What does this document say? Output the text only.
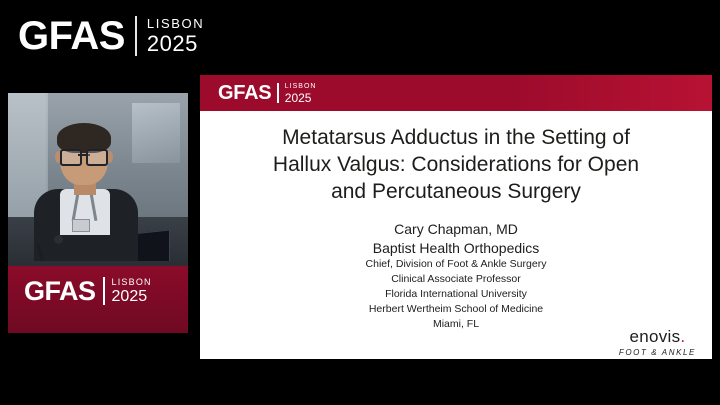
GFAS LISBON
2025
GFAS LISBON
2025
GFAS LISBON
2025
Metatarsus Adductus in the Setting of
Hallux Valgus: Considerations for Open
and Percutaneous Surgery
Cary Chapman, MD
Baptist Health Orthopedics
Chief, Division of Foot & Ankle Surgery
Clinical Associate Professor
Florida International University
Herbert Wertheim School of Medicine
Miami, FL
enovis.
FOOT & ANKLE
